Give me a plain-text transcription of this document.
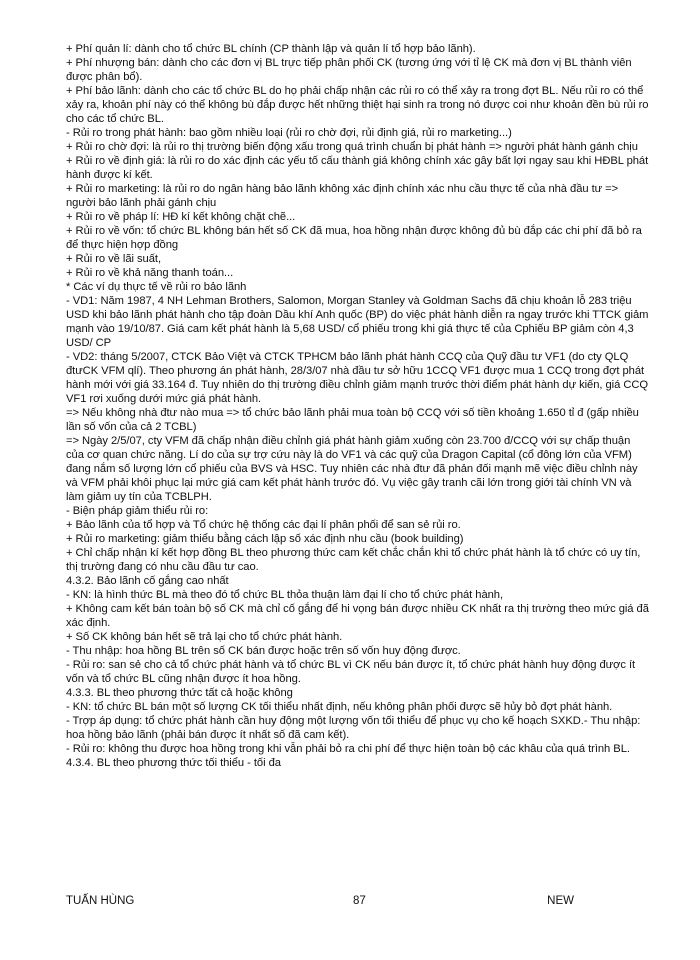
+ Phí quản lí: dành cho tổ chức BL chính (CP thành lập và quản lí tổ hợp bảo lãnh).

+ Phí nhượng bán: dành cho các đơn vị BL trực tiếp phân phối CK (tương ứng với tỉ lệ CK mà đơn vị BL thành viên được phân bổ).

+ Phí bảo lãnh: dành cho các tổ chức BL do họ phải chấp nhận các rủi ro có thể xảy ra trong đợt BL. Nếu rủi ro có thể xảy ra, khoản phí này có thể không bù đắp được hết những thiệt hại sinh ra trong nó được coi như khoản đền bù rủi ro cho các tổ chức BL.

- Rủi ro trong phát hành: bao gồm nhiều loại (rủi ro chờ đợi, rủi định giá, rủi ro marketing...)

+ Rủi ro chờ đợi: là rủi ro thị trường biến động xấu trong quá trình chuẩn bị phát hành => người phát hành gánh chịu

+ Rủi ro về định giá: là rủi ro do xác định các yếu tố cấu thành giá không chính xác gây bất lợi ngay sau khi HĐBL phát hành được kí kết.

+ Rủi ro marketing: là rủi ro do ngân hàng bảo lãnh không xác định chính xác nhu cầu thực tế của nhà đầu tư => người bảo lãnh phải gánh chịu

+ Rủi ro về pháp lí: HĐ kí kết không chặt chẽ...

+ Rủi ro về vốn: tổ chức BL không bán hết số CK đã mua, hoa hồng nhận được không đủ bù đắp các chi phí đã bỏ ra để thực hiện hợp đồng

+ Rủi ro về lãi suất,

+ Rủi ro về khả năng thanh toán...

* Các ví dụ thực tế về rủi ro bảo lãnh

- VD1: Năm 1987, 4 NH Lehman Brothers, Salomon, Morgan Stanley và Goldman Sachs đã chịu khoản lỗ 283 triệu USD khi bảo lãnh phát hành cho tập đoàn Dầu khí Anh quốc (BP) do việc phát hành diễn ra ngay trước khi TTCK giảm mạnh vào 19/10/87. Giá cam kết phát hành là 5,68 USD/ cổ phiếu trong khi giá thực tế của Cphiếu BP giảm còn 4,3 USD/ CP

- VD2: tháng 5/2007, CTCK Bảo Việt và CTCK TPHCM bảo lãnh phát hành CCQ của Quỹ đầu tư VF1 (do cty QLQ đtưCK VFM qlí). Theo phương án phát hành, 28/3/07 nhà đầu tư sở hữu 1CCQ VF1 được mua 1 CCQ trong đợt phát hành mới với giá 33.164 đ. Tuy nhiên do thị trường điều chỉnh giảm mạnh trước thời điểm phát hành dự kiến, giá CCQ VF1 rơi xuống dưới mức giá phát hành.

=> Nếu không nhà đtư nào mua => tổ chức bảo lãnh phải mua toàn bộ CCQ với số tiền khoảng 1.650 tỉ đ (gấp nhiều lần số vốn của cả 2 TCBL)

=> Ngày 2/5/07, cty VFM đã chấp nhận điều chỉnh giá phát hành giảm xuống còn 23.700 đ/CCQ với sự chấp thuận của cơ quan chức năng. Lí do của sự trợ cứu này là do VF1 và các quỹ của Dragon Capital (cổ đông lớn của VFM) đang nắm số lượng lớn cổ phiếu của BVS và HSC. Tuy nhiên các nhà đtư đã phản đối mạnh mẽ việc điều chỉnh này và VFM phải khôi phục lại mức giá cam kết phát hành trước đó. Vụ việc gây tranh cãi lớn trong giới tài chính VN và làm giảm uy tín của TCBLPH.

- Biện pháp giảm thiểu rủi ro:

+ Bảo lãnh của tổ hợp và Tổ chức hệ thống các đại lí phân phối để san sẻ rủi ro.

+ Rủi ro marketing: giảm thiểu bằng cách lập số xác định nhu cầu (book building)

+ Chỉ chấp nhận kí kết hợp đồng BL theo phương thức cam kết chắc chắn khi tổ chức phát hành là tổ chức có uy tín, thị trường đang có nhu cầu đầu tư cao.

4.3.2. Bảo lãnh cố gắng cao nhất

- KN: là hình thức BL mà theo đó tổ chức BL thỏa thuận làm đại lí cho tổ chức phát hành,

+ Không cam kết bán toàn bộ số CK mà chỉ cố gắng để hi vọng bán được nhiều CK nhất ra thị trường theo mức giá đã xác định.

+ Số CK không bán hết sẽ trả lại cho tổ chức phát hành.

- Thu nhập: hoa hồng BL trên số CK bán được hoặc trên số vốn huy động được.

- Rủi ro: san sẻ cho cả tổ chức phát hành và tổ chức BL vì CK nếu bán được ít, tổ chức phát hành huy động được ít vốn và tổ chức BL cũng nhận được ít hoa hồng.

4.3.3. BL theo phương thức tất cả hoặc không

- KN: tổ chức BL bán một số lượng CK tối thiểu nhất định, nếu không phân phối được sẽ hủy bỏ đợt phát hành.

- Trợp áp dụng: tổ chức phát hành cần huy động một lượng vốn tối thiểu để phục vụ cho kế hoạch SXKD.- Thu nhập: hoa hồng bảo lãnh (phải bán được ít nhất số đã cam kết).

- Rủi ro: không thu được hoa hồng trong khi vẫn phải bỏ ra chi phí để thực hiện toàn bộ các khâu của quá trình BL.

4.3.4. BL theo phương thức tối thiểu - tối đa

TUẤN HÙNG	87	NEW
